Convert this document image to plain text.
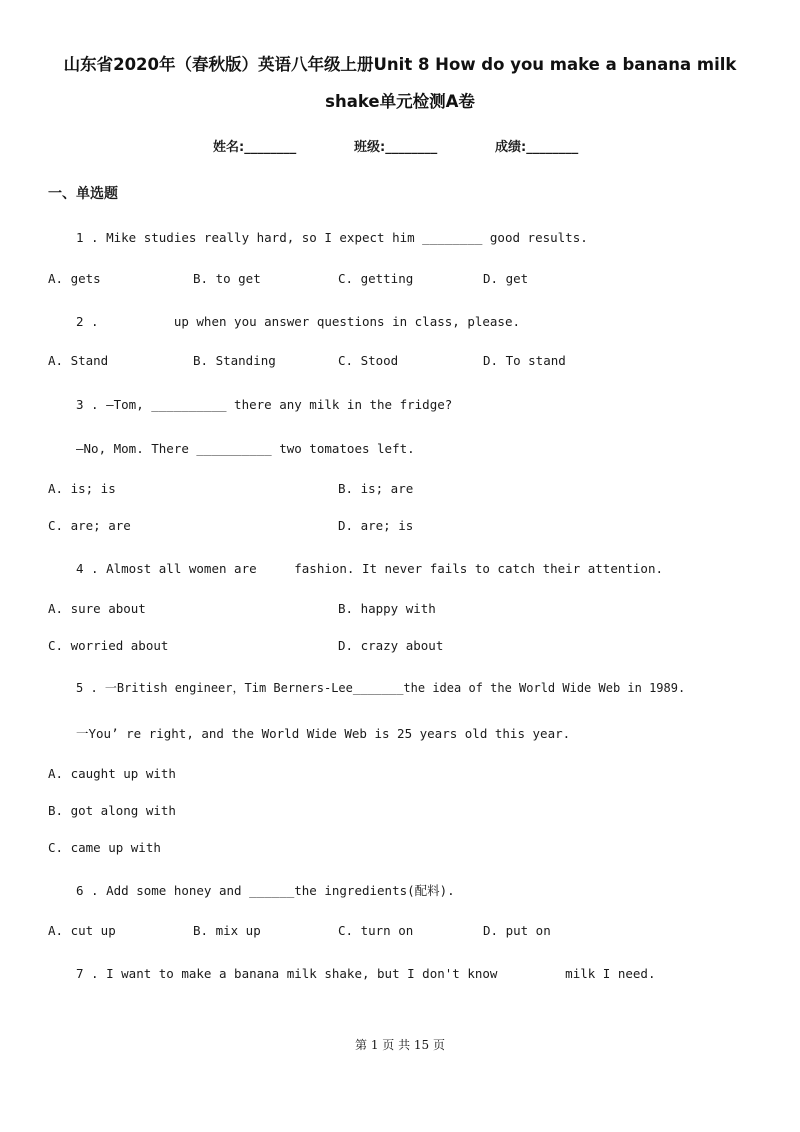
山东省2020年（春秋版）英语八年级上册Unit 8 How do you make a banana milk
shake单元检测A卷
姓名:________	班级:________	成绩:________
一、单选题
1 . Mike studies really hard, so I expect him ________ good results.
A. gets	B. to get	C. getting	D. get
2 .          up when you answer questions in class, please.
A. Stand	B. Standing	C. Stood	D. To stand
3 . —Tom, __________ there any milk in the fridge?
—No, Mom. There __________ two tomatoes left.
A. is; is	B. is; are
C. are; are	D. are; is
4 . Almost all women are     fashion. It never fails to catch their attention.
A. sure about	B. happy with
C. worried about	D. crazy about
5 . 一British engineer，Tim Berners-Lee_______the idea of the World Wide Web in 1989.
一You’ re right, and the World Wide Web is 25 years old this year.
A. caught up with
B. got along with
C. came up with
6 . Add some honey and ______the ingredients(配料).
A. cut up	B. mix up	C. turn on	D. put on
7 . I want to make a banana milk shake, but I don't know         milk I need.
第 1 页 共 15 页
